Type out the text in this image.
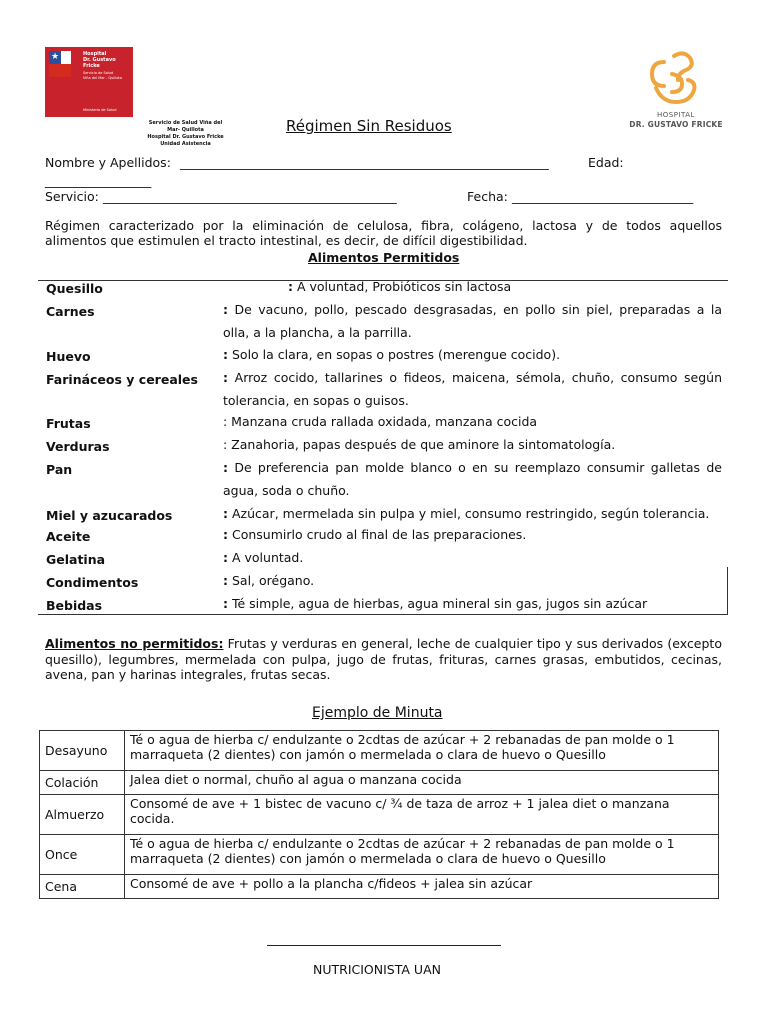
★	Hospital
Dr. Gustavo
Fricke
Servicio de Salud
Viña del Mar - Quillota
Ministerio de Salud
Servicio de Salud Viña del
Mar- Quillota
Hospital Dr. Gustavo Fricke
Unidad Asistencia
HOSPITAL
DR. GUSTAVO FRICKE
Régimen Sin Residuos
Nombre y Apellidos: ___________________________________________________________	Edad:
_________________
Servicio: _______________________________________________	Fecha: _____________________________
Régimen caracterizado por la eliminación de celulosa, fibra, colágeno, lactosa y de todos aquellos alimentos que estimulen el tracto intestinal, es decir, de difícil digestibilidad.
Alimentos Permitidos
Quesillo	: A voluntad, Probióticos sin lactosa
Carnes	: De vacuno, pollo, pescado desgrasadas, en pollo sin piel, preparadas a la olla, a la plancha, a la parrilla.
Huevo	: Solo la clara, en sopas o postres (merengue cocido).
Farináceos y cereales : Arroz cocido, tallarines o fideos, maicena, sémola, chuño, consumo según tolerancia, en sopas o guisos.
Frutas	: Manzana cruda rallada oxidada, manzana cocida
Verduras	: Zanahoria, papas después de que aminore la sintomatología.
Pan	: De preferencia pan molde blanco o en su reemplazo consumir galletas de agua, soda o chuño.
Miel y azucarados	: Azúcar, mermelada sin pulpa y miel, consumo restringido, según tolerancia.
Aceite	: Consumirlo crudo al final de las preparaciones.
Gelatina	: A voluntad.
Condimentos	: Sal, orégano.
Bebidas	: Té simple, agua de hierbas, agua mineral sin gas, jugos sin azúcar
Alimentos no permitidos: Frutas y verduras en general, leche de cualquier tipo y sus derivados (excepto quesillo), legumbres, mermelada con pulpa, jugo de frutas, frituras, carnes grasas, embutidos, cecinas, avena, pan y harinas integrales, frutas secas.
Ejemplo de Minuta
Desayuno	Té o agua de hierba c/ endulzante o 2cdtas de azúcar + 2 rebanadas de pan molde o 1 marraqueta (2 dientes) con jamón o mermelada o clara de huevo o Quesillo
Colación	Jalea diet o normal, chuño al agua o manzana cocida
Almuerzo	Consomé de ave + 1 bistec de vacuno c/ ¾ de taza de arroz + 1 jalea diet o manzana cocida.
Once	Té o agua de hierba c/ endulzante o 2cdtas de azúcar + 2 rebanadas de pan molde o 1 marraqueta (2 dientes) con jamón o mermelada o clara de huevo o Quesillo
Cena	Consomé de ave + pollo a la plancha c/fideos + jalea sin azúcar
NUTRICIONISTA UAN
